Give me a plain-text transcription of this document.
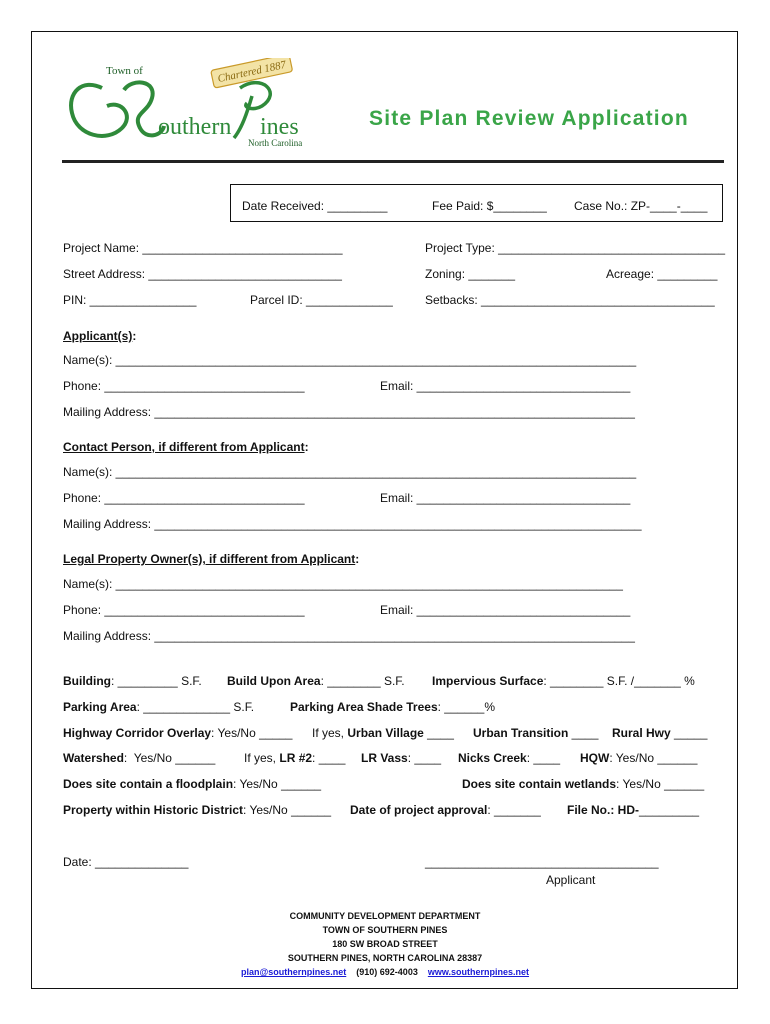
Chartered 1887
Town of
outhern ines
North Carolina
Site Plan Review Application
Date Received: _________	Fee Paid: $________ Case No.: ZP-____-____
Project Name: ______________________________	Project Type: __________________________________
Street Address: _____________________________	Zoning: _______	Acreage: _________
PIN: ________________	Parcel ID: _____________	Setbacks: ___________________________________
Applicant(s):
Name(s): ______________________________________________________________________________
Phone: ______________________________	Email: ________________________________
Mailing Address: ________________________________________________________________________
Contact Person, if different from Applicant:
Name(s): ______________________________________________________________________________
Phone: ______________________________	Email: ________________________________
Mailing Address: _________________________________________________________________________
Legal Property Owner(s), if different from Applicant:
Name(s): ____________________________________________________________________________
Phone: ______________________________	Email: ________________________________
Mailing Address: ________________________________________________________________________
Building: _________ S.F. Build Upon Area: ________ S.F. Impervious Surface: ________ S.F. /_______ %
Parking Area: _____________ S.F.	Parking Area Shade Trees: ______%
Highway Corridor Overlay: Yes/No _____ If yes, Urban Village ____ Urban Transition ____ Rural Hwy _____
Watershed:  Yes/No ______ If yes, LR #2: ____ LR Vass: ____ Nicks Creek: ____ HQW: Yes/No ______
Does site contain a floodplain: Yes/No ______	Does site contain wetlands: Yes/No ______
Property within Historic District: Yes/No ______ Date of project approval: _______ File No.: HD-_________
Date: ______________	___________________________________
Applicant
COMMUNITY DEVELOPMENT DEPARTMENT
TOWN OF SOUTHERN PINES
180 SW BROAD STREET
SOUTHERN PINES, NORTH CAROLINA 28387
plan@southernpines.net (910) 692-4003 www.southernpines.net
